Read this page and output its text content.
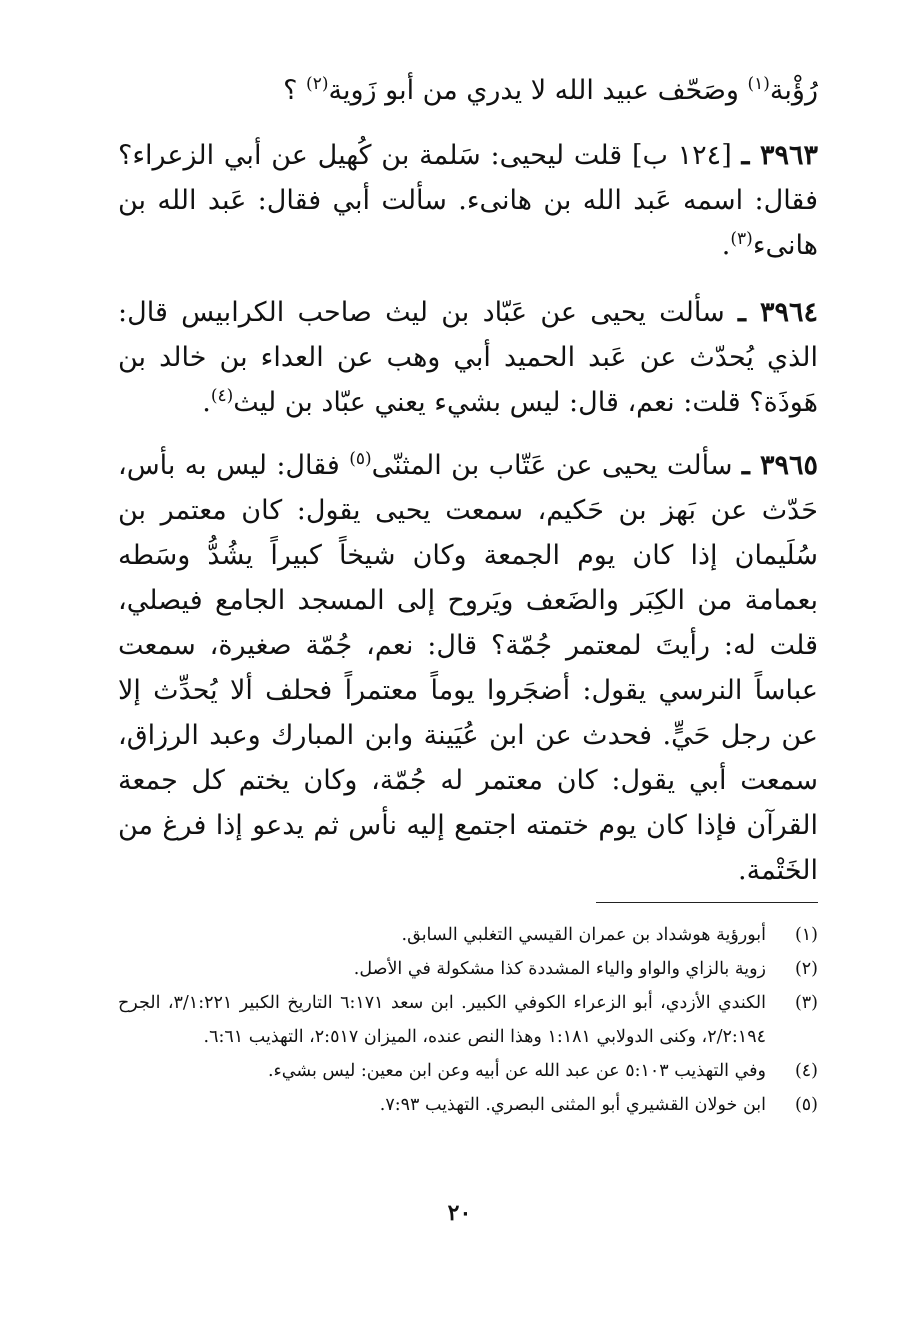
رُؤْبة$^{(١)}$ وصَحّف عبيد الله لا يدري من أبو زَوية$^{(٢)}$ ؟

٣٩٦٣ ـ [١٢٤ ب] قلت ليحيى: سَلمة بن كُهيل عن أبي الزعراء؟ فقال: اسمه عَبد الله بن هانىء. سألت أبي فقال: عَبد الله بن هانىء$^{(٣)}$.

٣٩٦٤ ـ سألت يحيى عن عَبّاد بن ليث صاحب الكرابيس قال: الذي يُحدّث عن عَبد الحميد أبي وهب عن العداء بن خالد بن هَوذَة؟ قلت: نعم، قال: ليس بشيء يعني عبّاد بن ليث$^{(٤)}$.

٣٩٦٥ ـ سألت يحيى عن عَتّاب بن المثنّى$^{(٥)}$ فقال: ليس به بأس، حَدّث عن بَهز بن حَكيم، سمعت يحيى يقول: كان معتمر بن سُلَيمان إذا كان يوم الجمعة وكان شيخاً كبيراً يشُدُّ وسَطه بعمامة من الكِبَر والضَعف ويَروح إلى المسجد الجامع فيصلي، قلت له: رأيتَ لمعتمر جُمّة؟ قال: نعم، جُمّة صغيرة، سمعت عباساً النرسي يقول: أضجَروا يوماً معتمراً فحلف ألا يُحدِّث إلا عن رجل حَيٍّ. فحدث عن ابن عُيَينة وابن المبارك وعبد الرزاق، سمعت أبي يقول: كان معتمر له جُمّة، وكان يختم كل جمعة القرآن فإذا كان يوم ختمته اجتمع إليه نأس ثم يدعو إذا فرغ من الخَتْمة.

(١)
أبورؤية هوشداد بن عمران القيسي التغلبي السابق.
(٢)
زوية بالزاي والواو والياء المشددة كذا مشكولة في الأصل.
(٣)
الكندي الأزدي، أبو الزعراء الكوفي الكبير. ابن سعد ٦:١٧١ التاريخ الكبير ٣/١:٢٢١، الجرح ٢/٢:١٩٤، وكنى الدولابي ١:١٨١ وهذا النص عنده، الميزان ٢:٥١٧، التهذيب ٦:٦١.
(٤)
وفي التهذيب ٥:١٠٣ عن عبد الله عن أبيه وعن ابن معين: ليس بشيء.
(٥)
ابن خولان القشيري أبو المثنى البصري. التهذيب ٧:٩٣.
٢٠
